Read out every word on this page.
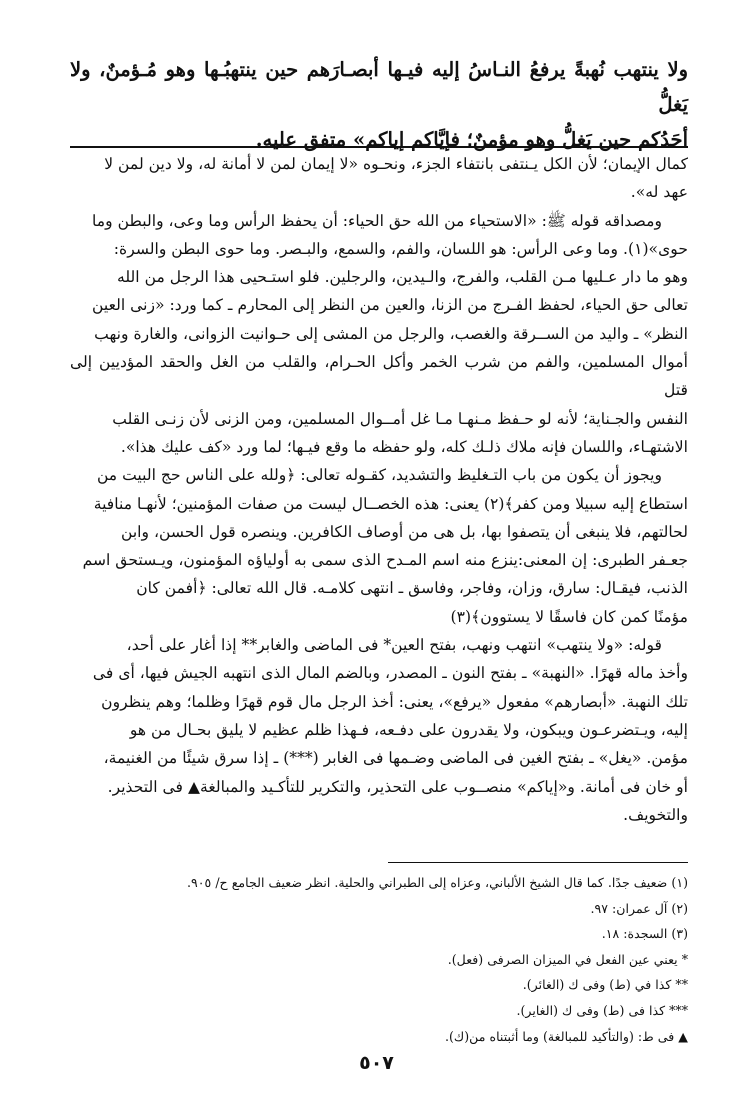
ولا ينتهب نُهبةً يرفعُ النـاسُ إليه فيـها أبصـارَهم حين ينتهبُـها وهو مُـؤمنٌ، ولا يَغلُّ

أحَدُكم حين يَغلُّ وهو مؤمنٌ؛ فإيَّاكم إياكم» متفق عليه.

كمال الإيمان؛ لأن الكل يـنتفى بانتفاء الجزء، ونحـوه «لا إيمان لمن لا أمانة له، ولا دين لمن لا

عهد له».

ومصداقه قوله ﷺ: «الاستحياء من الله حق الحياء: أن يحفظ الرأس وما وعى، والبطن وما

حوى»(١). وما وعى الرأس: هو اللسان، والفم، والسمع، والبـصر. وما حوى البطن والسرة:

وهو ما دار عـليها مـن القلب، والفرج، والـيدين، والرجلين. فلو استـحيى هذا الرجل من الله

تعالى حق الحياء، لحفظ الفـرج من الزنا، والعين من النظر إلى المحارم ـ كما ورد: «زنى العين

النظر» ـ واليد من الســرقة والغصب، والرجل من المشى إلى حـوانيت الزوانى، والغارة ونهب

أموال المسلمين، والفم من شرب الخمر وأكل الحـرام، والقلب من الغل والحقد المؤديين إلى قتل

النفس والجـناية؛ لأنه لو حـفظ مـنهـا مـا غل أمــوال المسلمين، ومن الزنى لأن زنـى القلب

الاشتهـاء، واللسان فإنه ملاك ذلـك كله، ولو حفظه ما وقع فيـها؛ لما ورد «كف عليك هذا».

ويجوز أن يكون من باب التـغليظ والتشديد، كقـوله تعالى: ﴿ولله على الناس حج البيت من

استطاع إليه سبيلا ومن كفر﴾(٢) يعنى: هذه الخصــال ليست من صفات المؤمنين؛ لأنهـا منافية

لحالتهم، فلا ينبغى أن يتصفوا بها، بل هى من أوصاف الكافرين. وينصره قول الحسن، وابن

جعـفر الطبرى: إن المعنى:ينزع منه اسم المـدح الذى سمى به أولياؤه المؤمنون، ويـستحق اسم

الذنب، فيقـال: سارق، وزان، وفاجر، وفاسق ـ انتهى كلامـه. قال الله تعالى: ﴿أفمن كان

مؤمنًا كمن كان فاسقًا لا يستوون﴾(٣)

قوله: «ولا ينتهب» انتهب ونهب، بفتح العين* فى الماضى والغابر** إذا أغار على أحد،

وأخذ ماله قهرًا. «النهبة» ـ بفتح النون ـ المصدر، وبالضم المال الذى انتهبه الجيش فيها، أى فى

تلك النهبة. «أبصارهم» مفعول «يرفع»، يعنى: أخذ الرجل مال قوم قهرًا وظلما؛ وهم ينظرون

إليه، ويـتضرعـون ويبكون، ولا يقدرون على دفـعه، فـهذا ظلم عظيم لا يليق بحـال من هو

مؤمن. «يغل» ـ بفتح الغين فى الماضى وضـمها فى الغابر (***) ـ إذا سرق شيئًا من الغنيمة،

أو خان فى أمانة. و«إياكم» منصــوب على التحذير، والتكرير للتأكـيد والمبالغة▲ فى التحذير.

والتخويف.

(١) ضعيف جدًا. كما قال الشيخ الألباني، وعزاه إلى الطبراني والحلية. انظر ضعيف الجامع ح/ ٩٠٥.
(٢) آل عمران: ٩٧.
(٣) السجدة: ١٨.
* يعني عين الفعل في الميزان الصرفى (فعل).
** كذا في (ط) وفى ك (الغائر).
*** كذا فى (ط) وفى ك (الغاير).
▲ فى ط: (والتأكيد للمبالغة) وما أثبتناه من(ك).
٥٠٧
